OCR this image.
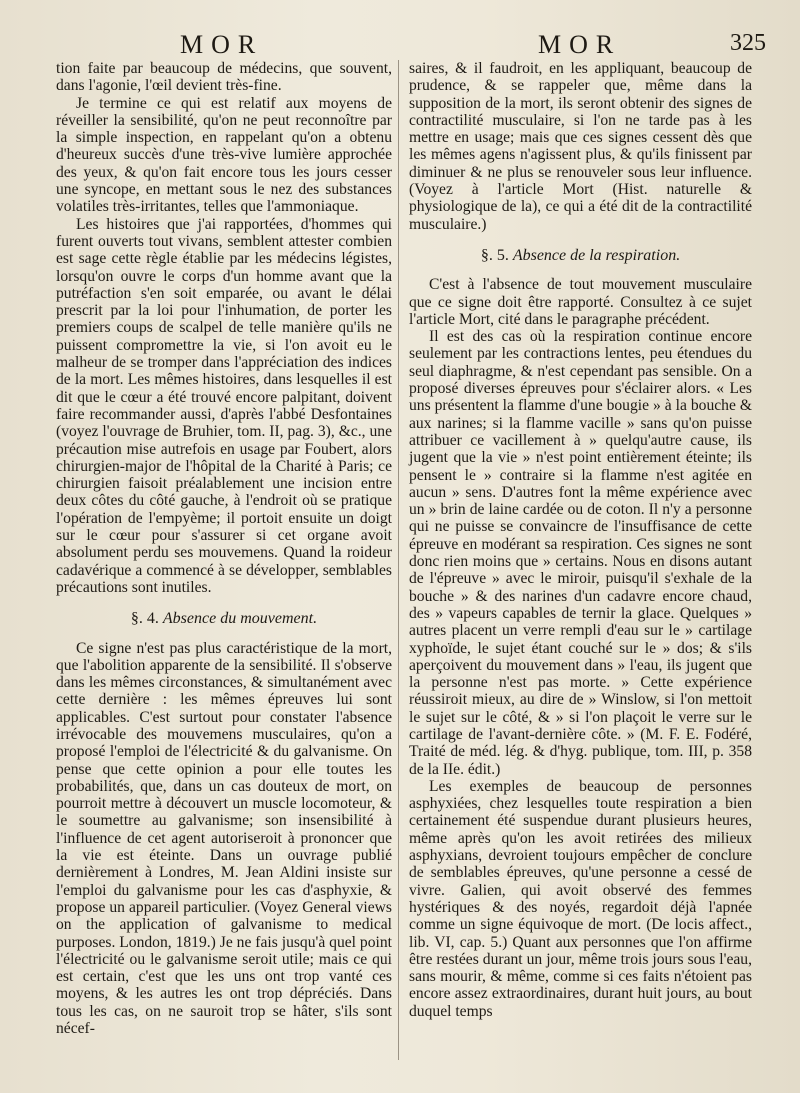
MOR	MOR	325

tion faite par beaucoup de médecins, que souvent, dans l'agonie, l'œil devient très-fine.

Je termine ce qui est relatif aux moyens de réveiller la sensibilité, qu'on ne peut reconnoître par la simple inspection, en rappelant qu'on a obtenu d'heureux succès d'une très-vive lumière approchée des yeux, & qu'on fait encore tous les jours cesser une syncope, en mettant sous le nez des substances volatiles très-irritantes, telles que l'ammoniaque.

Les histoires que j'ai rapportées, d'hommes qui furent ouverts tout vivans, semblent attester combien est sage cette règle établie par les médecins légistes, lorsqu'on ouvre le corps d'un homme avant que la putréfaction s'en soit emparée, ou avant le délai prescrit par la loi pour l'inhumation, de porter les premiers coups de scalpel de telle manière qu'ils ne puissent compromettre la vie, si l'on avoit eu le malheur de se tromper dans l'appréciation des indices de la mort. Les mêmes histoires, dans lesquelles il est dit que le cœur a été trouvé encore palpitant, doivent faire recommander aussi, d'après l'abbé Desfontaines (voyez l'ouvrage de Bruhier, tom. II, pag. 3), &c., une précaution mise autrefois en usage par Foubert, alors chirurgien-major de l'hôpital de la Charité à Paris; ce chirurgien faisoit préalablement une incision entre deux côtes du côté gauche, à l'endroit où se pratique l'opération de l'empyème; il portoit ensuite un doigt sur le cœur pour s'assurer si cet organe avoit absolument perdu ses mouvemens. Quand la roideur cadavérique a commencé à se développer, semblables précautions sont inutiles.

§. 4. Absence du mouvement.

Ce signe n'est pas plus caractéristique de la mort, que l'abolition apparente de la sensibilité. Il s'observe dans les mêmes circonstances, & simultanément avec cette dernière : les mêmes épreuves lui sont applicables. C'est surtout pour constater l'absence irrévocable des mouvemens musculaires, qu'on a proposé l'emploi de l'électricité & du galvanisme. On pense que cette opinion a pour elle toutes les probabilités, que, dans un cas douteux de mort, on pourroit mettre à découvert un muscle locomoteur, & le soumettre au galvanisme; son insensibilité à l'influence de cet agent autoriseroit à prononcer que la vie est éteinte. Dans un ouvrage publié dernièrement à Londres, M. Jean Aldini insiste sur l'emploi du galvanisme pour les cas d'asphyxie, & propose un appareil particulier. (Voyez General views on the application of galvanisme to medical purposes. London, 1819.) Je ne fais jusqu'à quel point l'électricité ou le galvanisme seroit utile; mais ce qui est certain, c'est que les uns ont trop vanté ces moyens, & les autres les ont trop dépréciés. Dans tous les cas, on ne sauroit trop se hâter, s'ils sont nécef-

saires, & il faudroit, en les appliquant, beaucoup de prudence, & se rappeler que, même dans la supposition de la mort, ils seront obtenir des signes de contractilité musculaire, si l'on ne tarde pas à les mettre en usage; mais que ces signes cessent dès que les mêmes agens n'agissent plus, & qu'ils finissent par diminuer & ne plus se renouveler sous leur influence. (Voyez à l'article Mort (Hist. naturelle & physiologique de la), ce qui a été dit de la contractilité musculaire.)

§. 5. Absence de la respiration.

C'est à l'absence de tout mouvement musculaire que ce signe doit être rapporté. Consultez à ce sujet l'article Mort, cité dans le paragraphe précédent.

Il est des cas où la respiration continue encore seulement par les contractions lentes, peu étendues du seul diaphragme, & n'est cependant pas sensible. On a proposé diverses épreuves pour s'éclairer alors. « Les uns présentent la flamme d'une bougie » à la bouche & aux narines; si la flamme vacille » sans qu'on puisse attribuer ce vacillement à » quelqu'autre cause, ils jugent que la vie » n'est point entièrement éteinte; ils pensent le » contraire si la flamme n'est agitée en aucun » sens. D'autres font la même expérience avec un » brin de laine cardée ou de coton. Il n'y a personne qui ne puisse se convaincre de l'insuffisance de cette épreuve en modérant sa respiration. Ces signes ne sont donc rien moins que » certains. Nous en disons autant de l'épreuve » avec le miroir, puisqu'il s'exhale de la bouche » & des narines d'un cadavre encore chaud, des » vapeurs capables de ternir la glace. Quelques » autres placent un verre rempli d'eau sur le » cartilage xyphoïde, le sujet étant couché sur le » dos; & s'ils aperçoivent du mouvement dans » l'eau, ils jugent que la personne n'est pas morte. » Cette expérience réussiroit mieux, au dire de » Winslow, si l'on mettoit le sujet sur le côté, & » si l'on plaçoit le verre sur le cartilage de l'avant-dernière côte. » (M. F. E. Fodéré, Traité de méd. lég. & d'hyg. publique, tom. III, p. 358 de la IIe. édit.)

Les exemples de beaucoup de personnes asphyxiées, chez lesquelles toute respiration a bien certainement été suspendue durant plusieurs heures, même après qu'on les avoit retirées des milieux asphyxians, devroient toujours empêcher de conclure de semblables épreuves, qu'une personne a cessé de vivre. Galien, qui avoit observé des femmes hystériques & des noyés, regardoit déjà l'apnée comme un signe équivoque de mort. (De locis affect., lib. VI, cap. 5.) Quant aux personnes que l'on affirme être restées durant un jour, même trois jours sous l'eau, sans mourir, & même, comme si ces faits n'étoient pas encore assez extraordinaires, durant huit jours, au bout duquel temps
